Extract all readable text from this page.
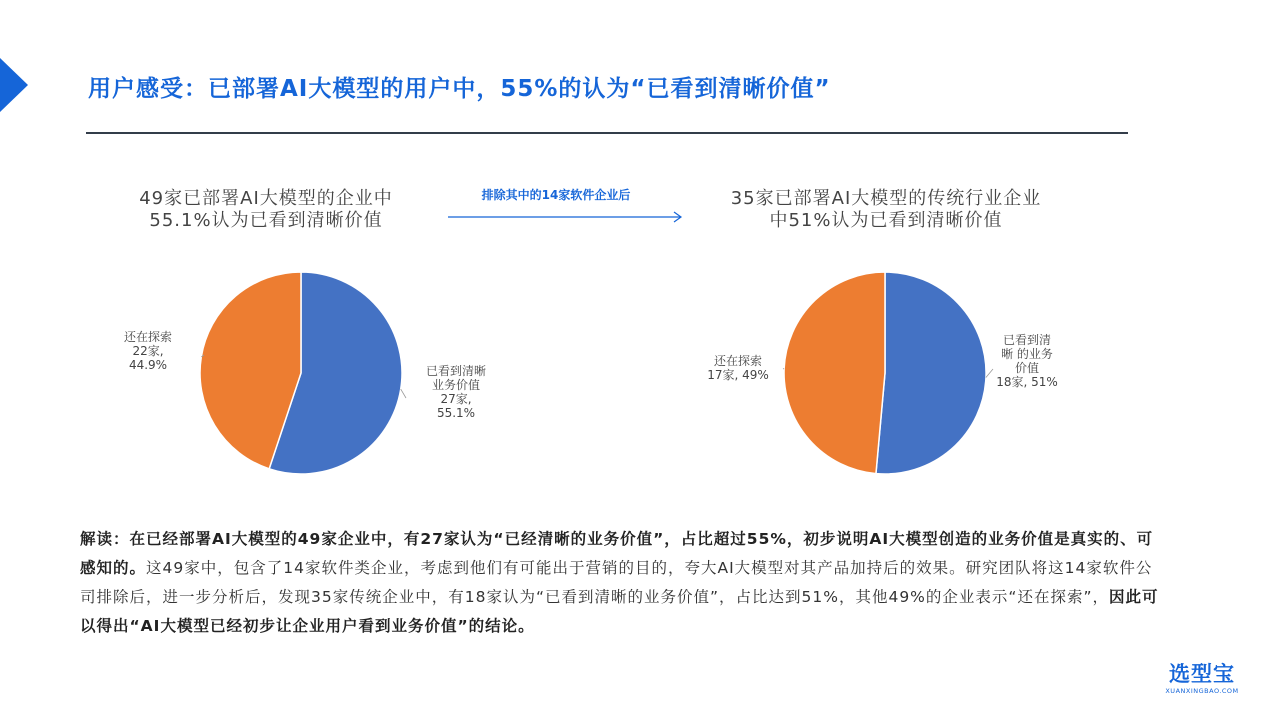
用户感受：已部署AI大模型的用户中，55%的认为“已看到清晰价值”
49家已部署AI大模型的企业中
55.1%认为已看到清晰价值
排除其中的14家软件企业后	35家已部署AI大模型的传统行业企业
中51%认为已看到清晰价值
已看到清晰业务价值 27家, 55.1%
还在探索 22家, 44.9%
已看到清晰 的业务价值 18家, 51%
还在探索 17家, 49%
解读：在已经部署AI大模型的49家企业中，有27家认为“已经清晰的业务价值”，占比超过55%，初步说明AI大模型创造的业务价值是真实的、可感知的。这49家中，包含了14家软件类企业，考虑到他们有可能出于营销的目的，夸大AI大模型对其产品加持后的效果。研究团队将这14家软件公司排除后，进一步分析后，发现35家传统企业中，有18家认为“已看到清晰的业务价值”，占比达到51%，其他49%的企业表示“还在探索”，因此可以得出“AI大模型已经初步让企业用户看到业务价值”的结论。
选型宝
XUANXINGBAO.COM
